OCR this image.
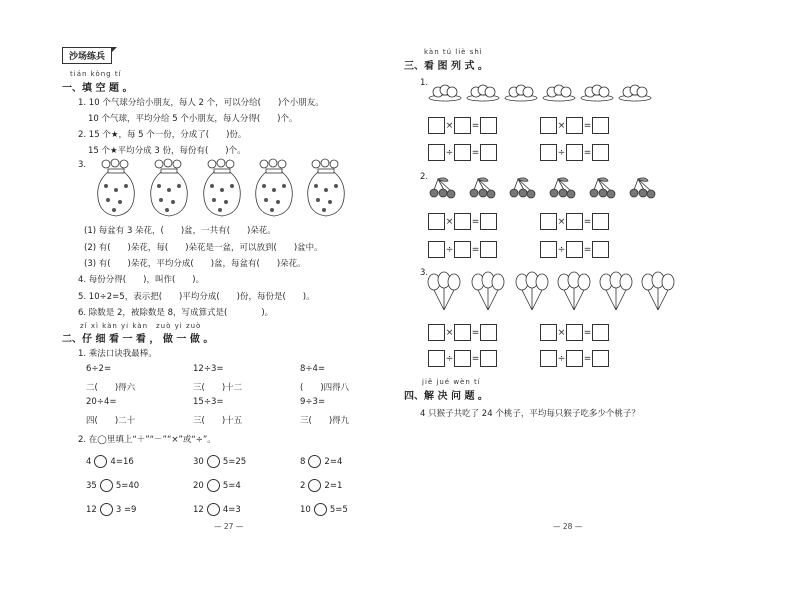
沙场练兵
tián kòng tí
一、填 空 题 。
1. 10 个气球分给小朋友，每人 2 个，可以分给(　　)个小朋友。
10 个气球，平均分给 5 个小朋友，每人分得(　　)个。
2. 15 个★，每 5 个一份，分成了(　　)份。
15 个★平均分成 3 份，每份有(　　)个。
3.
(1) 每盆有 3 朵花，(　　)盆，一共有(　　)朵花。
(2) 有(　　)朵花，每(　　)朵花是一盆，可以放到(　　)盆中。
(3) 有(　　)朵花，平均分成(　　)盆，每盆有(　　)朵花。
4. 每份分得(　　)，叫作(　　)。
5. 10÷2=5，表示把(　　)平均分成(　　)份，每份是(　　)。
6. 除数是 2，被除数是 8，写成算式是(　　　　)。
zǐ xì kàn yi kàn　zuò yi zuò
二、仔 细 看 一 看 ， 做 一 做 。
1. 乘法口诀我最棒。
6÷2=	12÷3=	8÷4=
二(　　)得六	三(　　)十二	(　　)四得八
20÷4=	15÷3=	9÷3=
四(　　)二十	三(　　)十五	三(　　)得九
2. 在◯里填上“＋”“－”“×”或“÷”。
4 4=16	30 5=25	8 2=4
35 5=40	20 5=4	2 2=1
12 3 =9	12 4=3	10 5=5
— 27 —
kàn tú liè shì
三、看 图 列 式 。
1.
× =	× =
÷ =	÷ =
2.
× =	× =
÷ =	÷ =
3.
× =	× =
÷ =	÷ =
jiě jué wèn tí
四、解 决 问 题 。
4 只猴子共吃了 24 个桃子，平均每只猴子吃多少个桃子？
— 28 —
